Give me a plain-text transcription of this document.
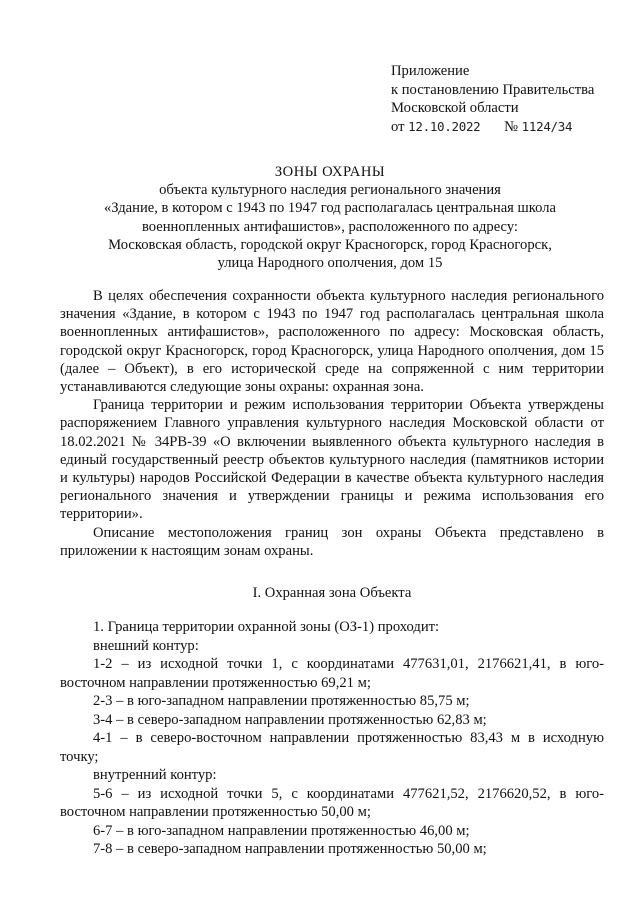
Приложение
к постановлению Правительства
Московской области
от 12.10.2022 № 1124/34
ЗОНЫ ОХРАНЫ
объекта культурного наследия регионального значения
«Здание, в котором с 1943 по 1947 год располагалась центральная школа
военнопленных антифашистов», расположенного по адресу:
Московская область, городской округ Красногорск, город Красногорск,
улица Народного ополчения, дом 15

В целях обеспечения сохранности объекта культурного наследия регионального значения «Здание, в котором с 1943 по 1947 год располагалась центральная школа военнопленных антифашистов», расположенного по адресу: Московская область, городской округ Красногорск, город Красногорск, улица Народного ополчения, дом 15 (далее – Объект), в его исторической среде на сопряженной с ним территории устанавливаются следующие зоны охраны: охранная зона.

Граница территории и режим использования территории Объекта утверждены распоряжением Главного управления культурного наследия Московской области от 18.02.2021 № 34РВ-39 «О включении выявленного объекта культурного наследия в единый государственный реестр объектов культурного наследия (памятников истории и культуры) народов Российской Федерации в качестве объекта культурного наследия регионального значения и утверждении границы и режима использования его территории».

Описание местоположения границ зон охраны Объекта представлено в приложении к настоящим зонам охраны.

I. Охранная зона Объекта

1. Граница территории охранной зоны (ОЗ-1) проходит:

внешний контур:

1-2 – из исходной точки 1, с координатами 477631,01, 2176621,41, в юго-восточном направлении протяженностью 69,21 м;

2-3 – в юго-западном направлении протяженностью 85,75 м;

3-4 – в северо-западном направлении протяженностью 62,83 м;

4-1 – в северо-восточном направлении протяженностью 83,43 м в исходную точку;

внутренний контур:

5-6 – из исходной точки 5, с координатами 477621,52, 2176620,52, в юго-восточном направлении протяженностью 50,00 м;

6-7 – в юго-западном направлении протяженностью 46,00 м;

7-8 – в северо-западном направлении протяженностью 50,00 м;
